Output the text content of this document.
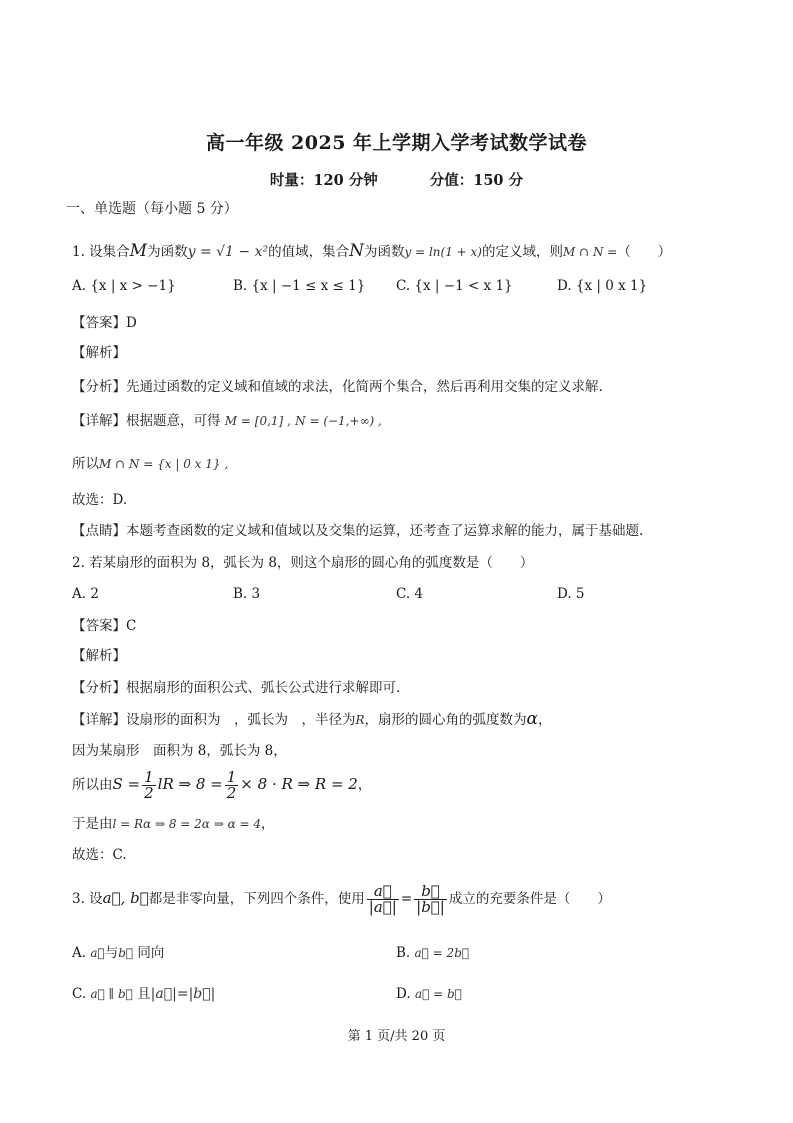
高一年级 2025 年上学期入学考试数学试卷
时量：120 分钟	分值：150 分
一、单选题（每小题 5 分）
1. 设集合M为函数y = √1 − x²的值域，集合N为函数y = ln(1 + x)的定义域，则M ∩ N =（　　）
A. {x | x > −1}	B. {x | −1 ≤ x ≤ 1} C. {x | −1 < x 1}	D. {x | 0 x 1}
【答案】D
【解析】
【分析】先通过函数的定义域和值域的求法，化简两个集合，然后再利用交集的定义求解.
【详解】根据题意，可得 M = [0,1] , N = (−1,+∞) ,
所以M ∩ N = {x | 0 x 1} ,
故选：D.
【点睛】本题考查函数的定义域和值域以及交集的运算，还考查了运算求解的能力，属于基础题.
2. 若某扇形的面积为 8，弧长为 8，则这个扇形的圆心角的弧度数是（　　）
A. 2	B. 3	C. 4	D. 5
【答案】C
【解析】
【分析】根据扇形的面积公式、弧长公式进行求解即可.
【详解】设扇形的面积为　，弧长为　，半径为R，扇形的圆心角的弧度数为α，
因为某扇形　面积为 8，弧长为 8，
所以由$S = \frac{1}{2}$ lR ⇒ $8 = \frac{1}{2} \times 8 \cdot R$ ⇒ R = 2，
于是由l = Rα ⇒ 8 = 2α ⇒ α = 4，
故选：C.
3. 设a⃗, b⃗都是非零向量，下列四个条件，使用 $\frac{a⃗}{|a⃗|} = \frac{b⃗}{|b⃗|}$ 成立的充要条件是（　　）
A. a⃗与b⃗ 同向	B. a⃗ = 2b⃗
C. a⃗ ∥ b⃗ 且|a⃗|=|b⃗|	D. a⃗ = b⃗
第 1 页/共 20 页
